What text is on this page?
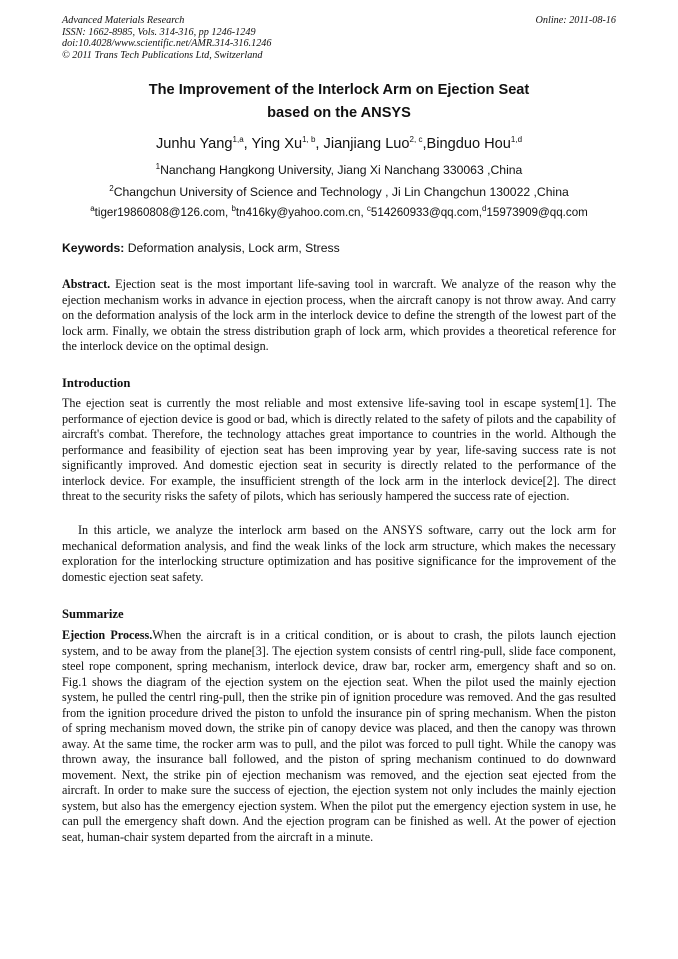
Advanced Materials Research
ISSN: 1662-8985, Vols. 314-316, pp 1246-1249
doi:10.4028/www.scientific.net/AMR.314-316.1246
© 2011 Trans Tech Publications Ltd, Switzerland
Online: 2011-08-16
The Improvement of the Interlock Arm on Ejection Seat
based on the ANSYS
Junhu Yang$^{1,a}$, Ying Xu$^{1, b}$, Jianjiang Luo$^{2, c}$,Bingduo Hou$^{1,d}$
$^1$Nanchang Hangkong University, Jiang Xi Nanchang 330063 ,China
$^2$Changchun University of Science and Technology , Ji Lin Changchun 130022 ,China
$^a$tiger19860808@126.com, $^b$tn416ky@yahoo.com.cn, $^c$514260933@qq.com,$^d$15973909@qq.com
Keywords: Deformation analysis, Lock arm, Stress

Abstract. Ejection seat is the most important life-saving tool in warcraft. We analyze of the reason why the ejection mechanism works in advance in ejection process, when the aircraft canopy is not throw away. And carry on the deformation analysis of the lock arm in the interlock device to define the strength of the lowest part of the lock arm. Finally, we obtain the stress distribution graph of lock arm, which provides a theoretical reference for the interlock device on the optimal design.

Introduction

The ejection seat is currently the most reliable and most extensive life-saving tool in escape system[1]. The performance of ejection device is good or bad, which is directly related to the safety of pilots and the capability of aircraft's combat. Therefore, the technology attaches great importance to countries in the world. Although the performance and feasibility of ejection seat has been improving year by year, life-saving success rate is not significantly improved. And domestic ejection seat in security is directly related to the performance of the interlock device. For example, the insufficient strength of the lock arm in the interlock device[2]. The direct threat to the security risks the safety of pilots, which has seriously hampered the success rate of ejection.

In this article, we analyze the interlock arm based on the ANSYS software, carry out the lock arm for mechanical deformation analysis, and find the weak links of the lock arm structure, which makes the necessary exploration for the interlocking structure optimization and has positive significance for the improvement of the domestic ejection seat safety.

Summarize

Ejection Process.When the aircraft is in a critical condition, or is about to crash, the pilots launch ejection system, and to be away from the plane[3]. The ejection system consists of centrl ring-pull, slide face component, steel rope component, spring mechanism, interlock device, draw bar, rocker arm, emergency shaft and so on. Fig.1 shows the diagram of the ejection system on the ejection seat. When the pilot used the mainly ejection system, he pulled the centrl ring-pull, then the strike pin of ignition procedure was removed. And the gas resulted from the ignition procedure drived the piston to unfold the insurance pin of spring mechanism. When the piston of spring mechanism moved down, the strike pin of canopy device was placed, and then the canopy was thrown away. At the same time, the rocker arm was to pull, and the pilot was forced to pull tight. While the canopy was thrown away, the insurance ball followed, and the piston of spring mechanism continued to do downward movement. Next, the strike pin of ejection mechanism was removed, and the ejection seat ejected from the aircraft. In order to make sure the success of ejection, the ejection system not only includes the mainly ejection system, but also has the emergency ejection system. When the pilot put the emergency ejection system in use, he can pull the emergency shaft down. And the ejection program can be finished as well. At the power of ejection seat, human-chair system departed from the aircraft in a minute.
